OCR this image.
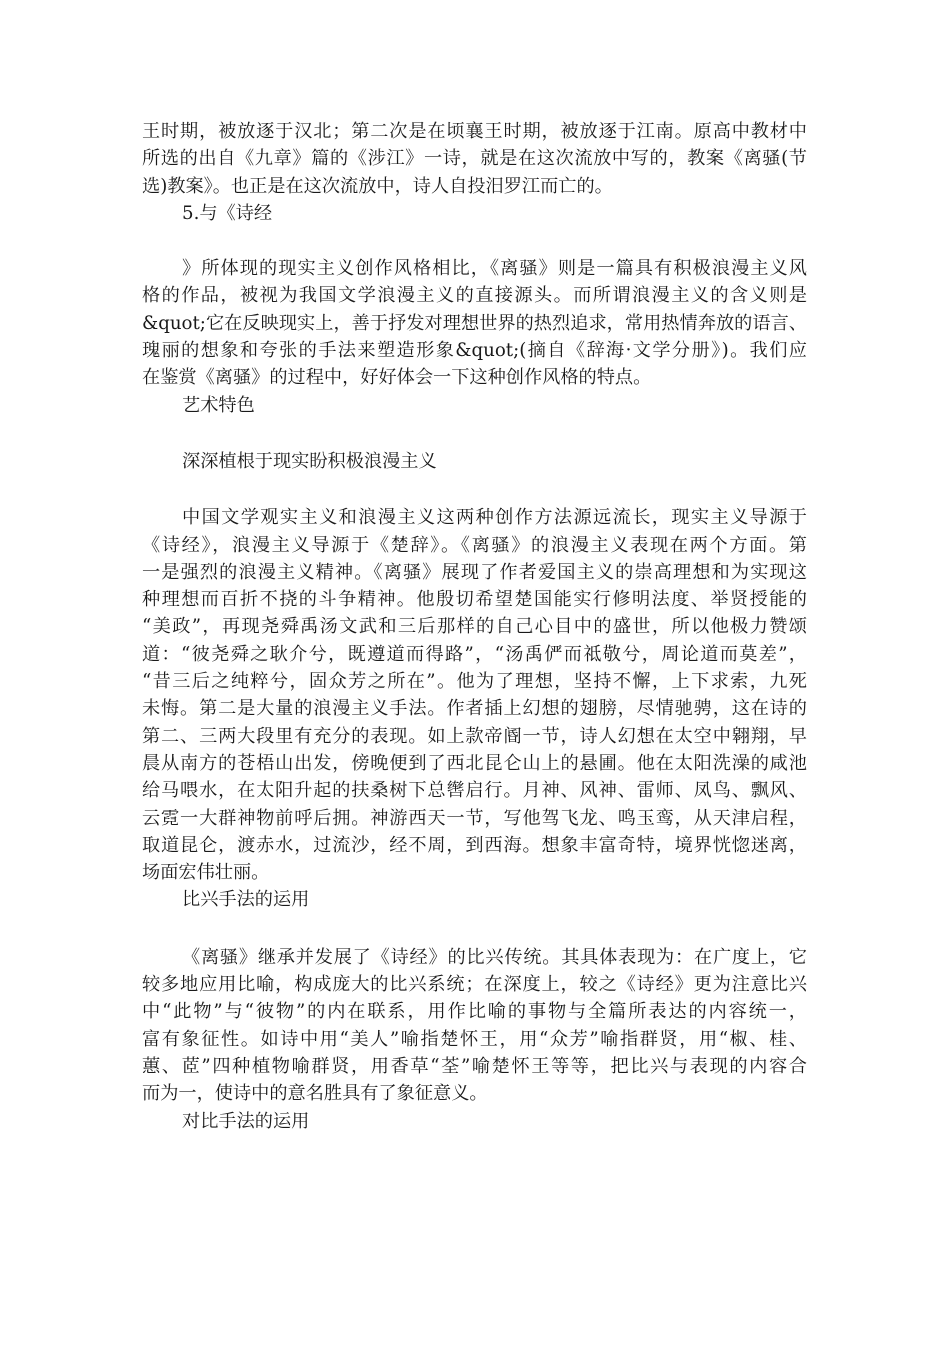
王时期，被放逐于汉北；第二次是在顷襄王时期，被放逐于江南。原高中教材中
所选的出自《九章》篇的《涉江》一诗，就是在这次流放中写的，教案《离骚(节
选)教案》。也正是在这次流放中，诗人自投汨罗江而亡的。
5.与《诗经
》所体现的现实主义创作风格相比，《离骚》则是一篇具有积极浪漫主义风
格的作品，被视为我国文学浪漫主义的直接源头。而所谓浪漫主义的含义则是
&quot;它在反映现实上，善于抒发对理想世界的热烈追求，常用热情奔放的语言、
瑰丽的想象和夸张的手法来塑造形象&quot;(摘自《辞海·文学分册》)。我们应
在鉴赏《离骚》的过程中，好好体会一下这种创作风格的特点。
艺术特色
深深植根于现实盼积极浪漫主义
中国文学观实主义和浪漫主义这两种创作方法源远流长，现实主义导源于
《诗经》，浪漫主义导源于《楚辞》。《离骚》的浪漫主义表现在两个方面。第
一是强烈的浪漫主义精神。《离骚》展现了作者爱国主义的崇高理想和为实现这
种理想而百折不挠的斗争精神。他殷切希望楚国能实行修明法度、举贤授能的
“美政”，再现尧舜禹汤文武和三后那样的自己心目中的盛世，所以他极力赞颂
道：“彼尧舜之耿介兮，既遵道而得路”，“汤禹俨而祗敬兮，周论道而莫差”，
“昔三后之纯粹兮，固众芳之所在”。他为了理想，坚持不懈，上下求索，九死
未悔。第二是大量的浪漫主义手法。作者插上幻想的翅膀，尽情驰骋，这在诗的
第二、三两大段里有充分的表现。如上款帝阍一节，诗人幻想在太空中翱翔，早
晨从南方的苍梧山出发，傍晚便到了西北昆仑山上的悬圃。他在太阳洗澡的咸池
给马喂水，在太阳升起的扶桑树下总辔启行。月神、风神、雷师、凤鸟、飘风、
云霓一大群神物前呼后拥。神游西天一节，写他驾飞龙、鸣玉鸾，从天津启程，
取道昆仑，渡赤水，过流沙，经不周，到西海。想象丰富奇特，境界恍惚迷离，
场面宏伟壮丽。
比兴手法的运用
《离骚》继承并发展了《诗经》的比兴传统。其具体表现为：在广度上，它
较多地应用比喻，构成庞大的比兴系统；在深度上，较之《诗经》更为注意比兴
中“此物”与“彼物”的内在联系，用作比喻的事物与全篇所表达的内容统一，
富有象征性。如诗中用“美人”喻指楚怀王，用“众芳”喻指群贤，用“椒、桂、
蕙、茝”四种植物喻群贤，用香草“荃”喻楚怀王等等，把比兴与表现的内容合
而为一，使诗中的意名胜具有了象征意义。
对比手法的运用
